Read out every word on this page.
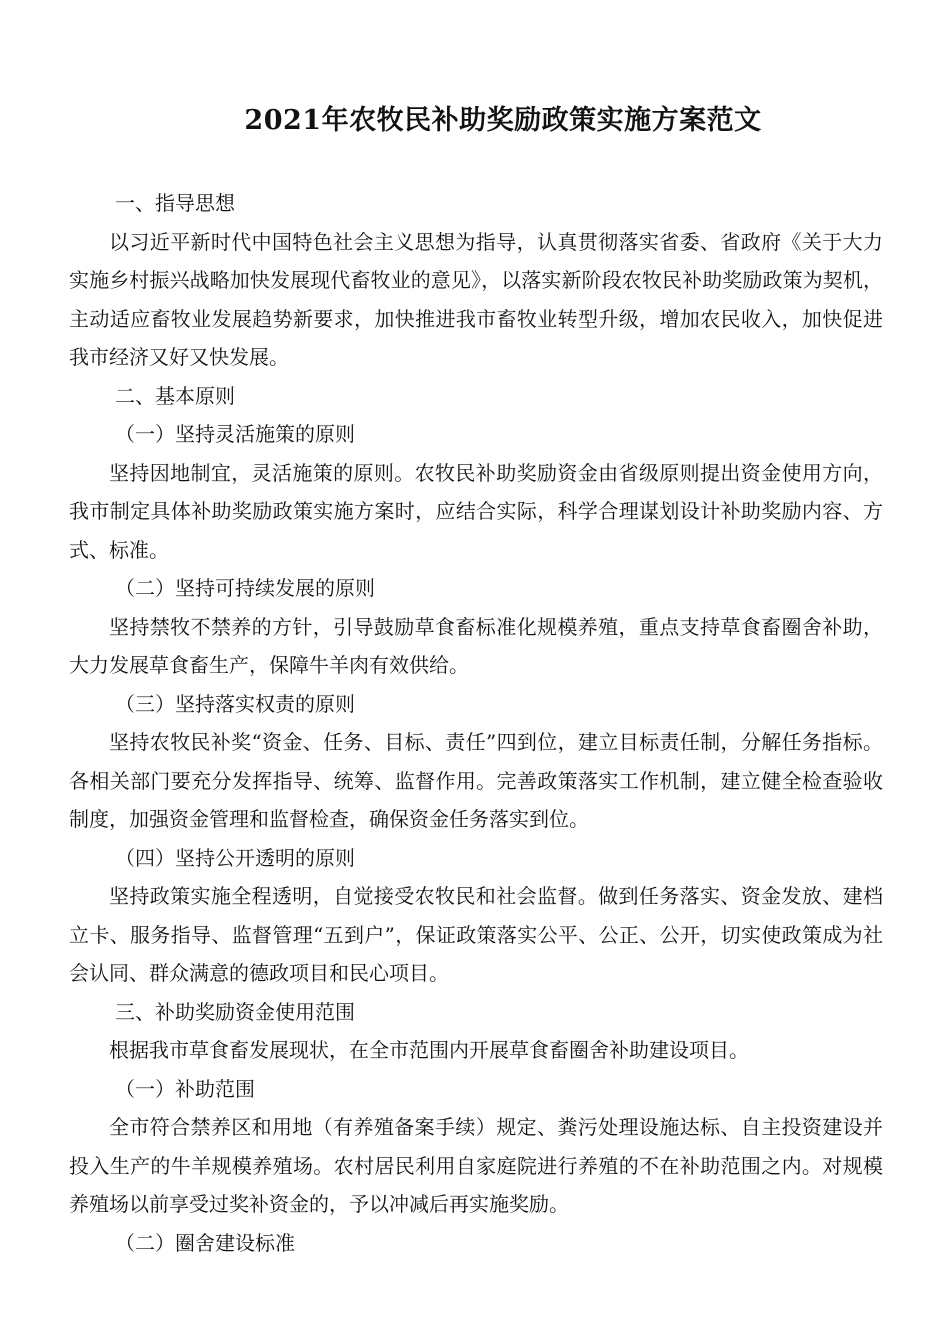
2021年农牧民补助奖励政策实施方案范文
一、指导思想
以习近平新时代中国特色社会主义思想为指导，认真贯彻落实省委、省政府《关于大力实施乡村振兴战略加快发展现代畜牧业的意见》，以落实新阶段农牧民补助奖励政策为契机，主动适应畜牧业发展趋势新要求，加快推进我市畜牧业转型升级，增加农民收入，加快促进我市经济又好又快发展。
二、基本原则
（一）坚持灵活施策的原则
坚持因地制宜，灵活施策的原则。农牧民补助奖励资金由省级原则提出资金使用方向，我市制定具体补助奖励政策实施方案时，应结合实际，科学合理谋划设计补助奖励内容、方式、标准。
（二）坚持可持续发展的原则
坚持禁牧不禁养的方针，引导鼓励草食畜标准化规模养殖，重点支持草食畜圈舍补助，大力发展草食畜生产，保障牛羊肉有效供给。
（三）坚持落实权责的原则
坚持农牧民补奖“资金、任务、目标、责任”四到位，建立目标责任制，分解任务指标。各相关部门要充分发挥指导、统筹、监督作用。完善政策落实工作机制，建立健全检查验收制度，加强资金管理和监督检查，确保资金任务落实到位。
（四）坚持公开透明的原则
坚持政策实施全程透明，自觉接受农牧民和社会监督。做到任务落实、资金发放、建档立卡、服务指导、监督管理“五到户”，保证政策落实公平、公正、公开，切实使政策成为社会认同、群众满意的德政项目和民心项目。
三、补助奖励资金使用范围
根据我市草食畜发展现状，在全市范围内开展草食畜圈舍补助建设项目。
（一）补助范围
全市符合禁养区和用地（有养殖备案手续）规定、粪污处理设施达标、自主投资建设并投入生产的牛羊规模养殖场。农村居民利用自家庭院进行养殖的不在补助范围之内。对规模养殖场以前享受过奖补资金的，予以冲减后再实施奖励。
（二）圈舍建设标准
